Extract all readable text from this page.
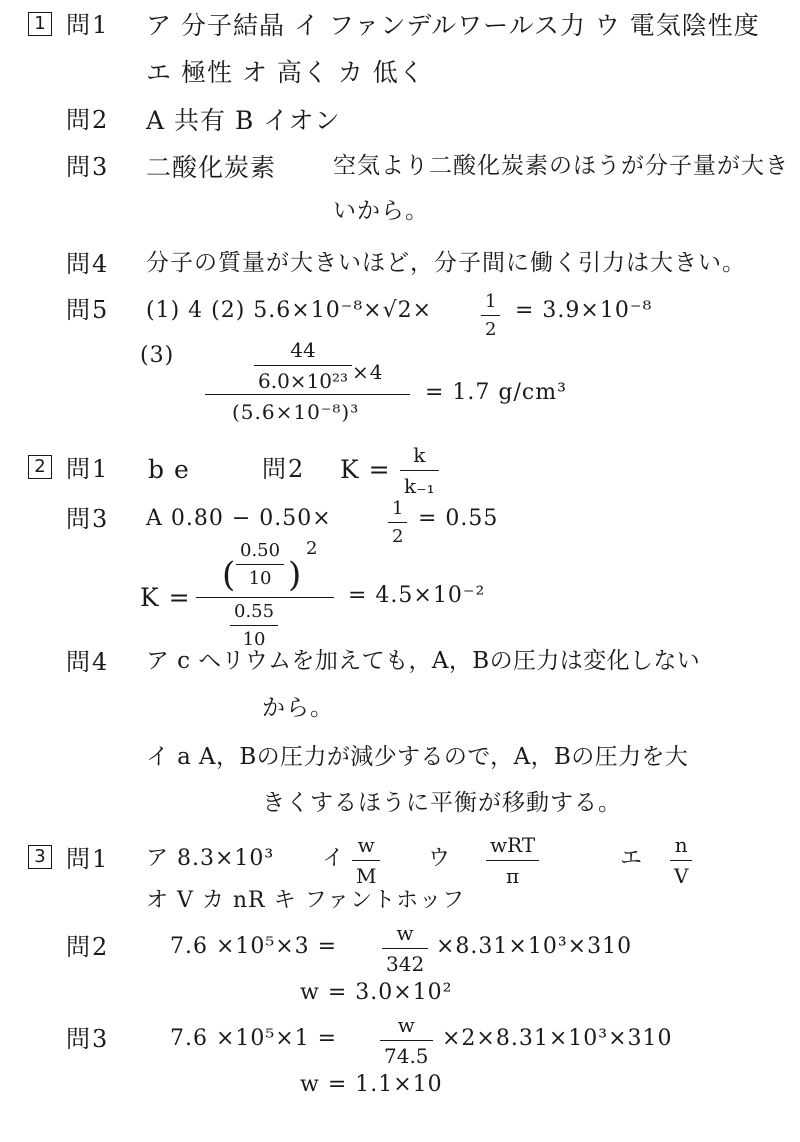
1 問1 ア 分子結晶 イ ファンデルワールス力 ウ 電気陰性度
エ 極性 オ 高く カ 低く
問2 A 共有 B イオン
問3 二酸化炭素 空気より二酸化炭素のほうが分子量が大き
いから。
問4 分子の質量が大きいほど，分子間に働く引力は大きい。
問5 (1) 4 (2) 5.6×10⁻⁸×√2×	$\frac{1}{2} = 3.9\times 10^{-8}$
(3)	$\frac{44}{\text{6.0×10²³}} \times 4$
(5.6×10⁻⁸)³
= 1.7 g/cm³
2 問1 b e	問2 $K = \frac{k}{\text{k₋₁}}$
問3 A 0.80 − 0.50×	$\frac{1}{2} = 0.55$
K =
( $\frac{0.50}{10}$ )
2
$\frac{0.55}{10}$
= 4.5×10⁻²
問4 ア c ヘリウムを加えても，A，Bの圧力は変化しない
から。
イ a A，Bの圧力が減少するので，A，Bの圧力を大
きくするほうに平衡が移動する。
3 問1 ア 8.3×10³ イ $\frac{w}{M}$ ウ
wRT
π
エ $\frac{n}{V}$
オ V カ nR キ ファントホッフ
問2	$7.6 \times 10^5\times 3 = \frac{w}{342} \times 8.31\times 10^3\times 310$
w = 3.0×10²
問3	$7.6 \times 10^5\times 1 = \frac{w}{74.5} \times 2\times 8.31\times 10^3\times 310$
w = 1.1×10
